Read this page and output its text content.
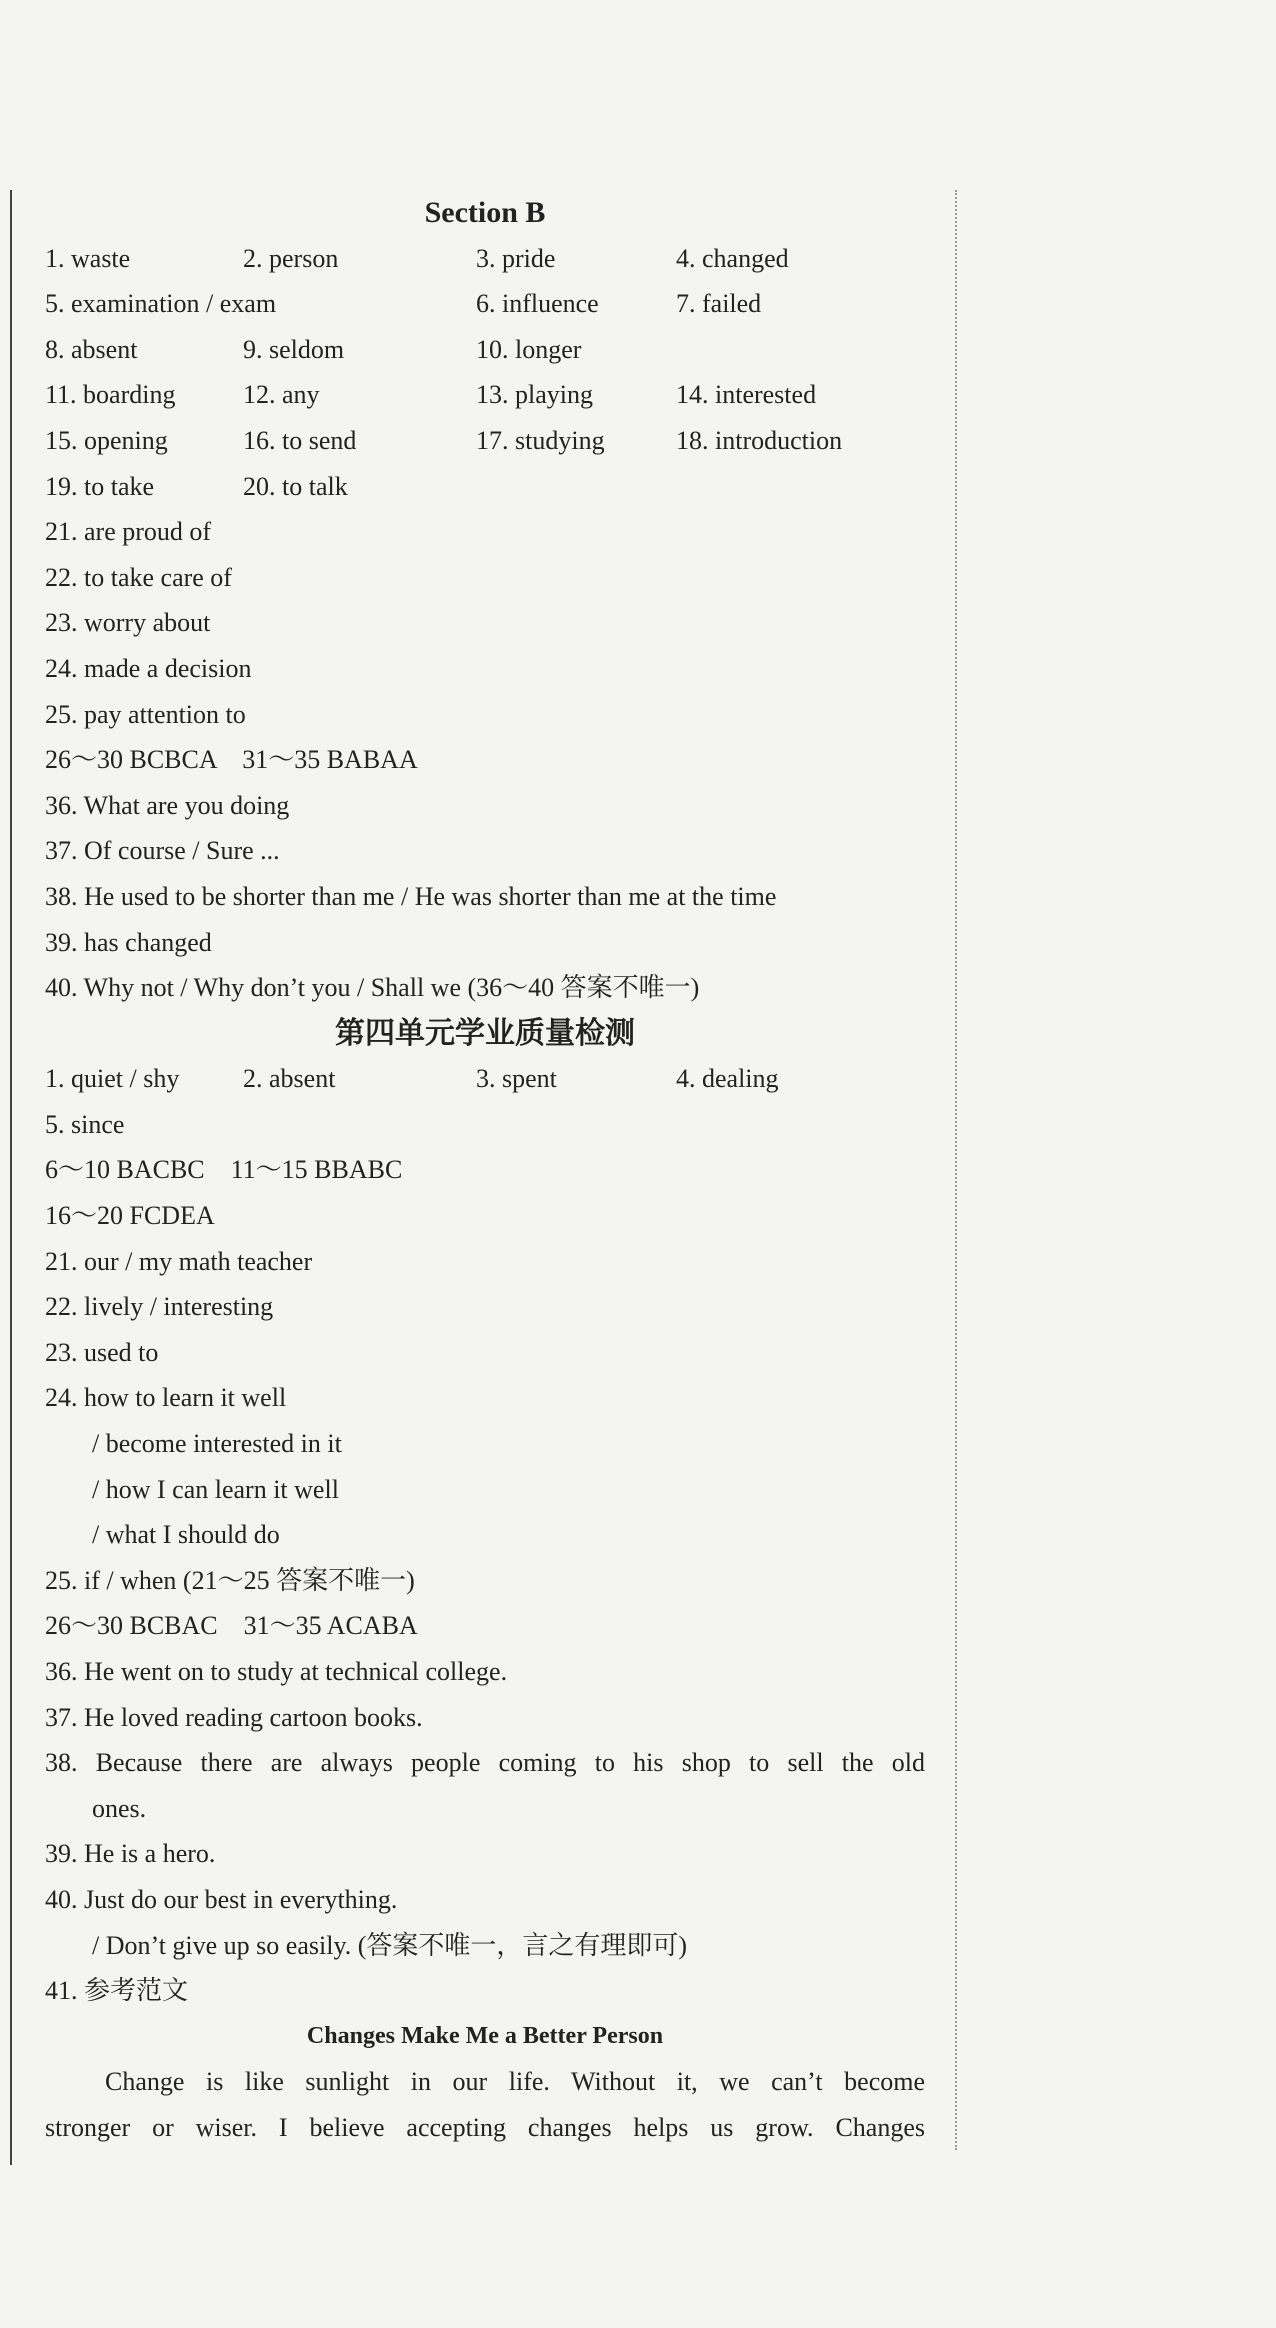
Section B
1. waste	2. person	3. pride	4. changed
5. examination / exam	6. influence	7. failed
8. absent	9. seldom	10. longer
11. boarding	12. any	13. playing	14. interested
15. opening	16. to send	17. studying	18. introduction
19. to take	20. to talk
21. are proud of
22. to take care of
23. worry about
24. made a decision
25. pay attention to
26～30 BCBCA    31～35 BABAA
36. What are you doing
37. Of course / Sure ...
38. He used to be shorter than me / He was shorter than me at the time
39. has changed
40. Why not / Why don’t you / Shall we (36～40 答案不唯一)
第四单元学业质量检测
1. quiet / shy	2. absent	3. spent	4. dealing
5. since
6～10 BACBC    11～15 BBABC
16～20 FCDEA
21. our / my math teacher
22. lively / interesting
23. used to
24. how to learn it well
/ become interested in it
/ how I can learn it well
/ what I should do
25. if / when (21～25 答案不唯一)
26～30 BCBAC    31～35 ACABA
36. He went on to study at technical college.
37. He loved reading cartoon books.
38. Because there are always people coming to his shop to sell the old
ones.
39. He is a hero.
40. Just do our best in everything.
/ Don’t give up so easily. (答案不唯一，言之有理即可)
41. 参考范文
Changes Make Me a Better Person
Change is like sunlight in our life. Without it, we can’t become
stronger or wiser. I believe accepting changes helps us grow. Changes
